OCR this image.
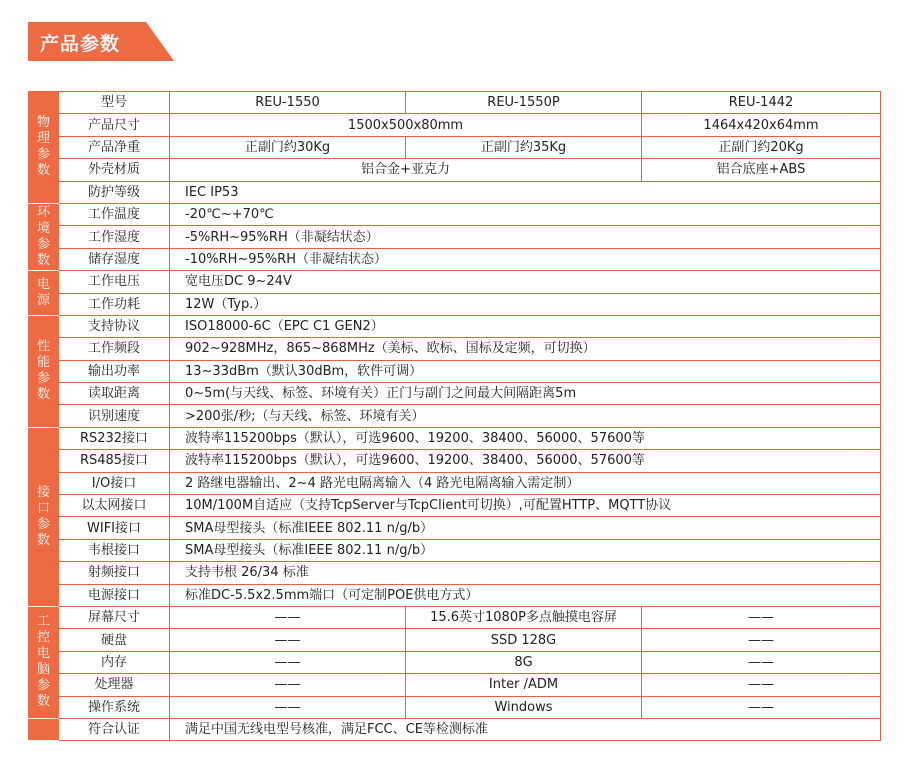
产品参数
物理参数	型号	REU-1550	REU-1550P	REU-1442
	产品尺寸	1500x500x80mm		1464x420x64mm
	产品净重	正副门约30Kg	正副门约35Kg	正副门约20Kg
	外壳材质	铝合金+亚克力		铝合底座+ABS
	防护等级	IEC IP53		
环境参数	工作温度	-20℃~+70℃		
	工作湿度	-5%RH~95%RH（非凝结状态）		
	储存湿度	-10%RH~95%RH（非凝结状态）		
电源	工作电压	宽电压DC 9~24V		
	工作功耗	12W（Typ.）		
性能参数	支持协议	ISO18000-6C（EPC C1 GEN2）		
	工作频段	902~928MHz，865~868MHz（美标、欧标、国标及定频，可切换）		
	输出功率	13~33dBm（默认30dBm，软件可调）		
	读取距离	0~5m(与天线、标签、环境有关）正门与副门之间最大间隔距离5m		
	识别速度	>200张/秒;（与天线、标签、环境有关）		
接口参数	RS232接口	波特率115200bps（默认），可选9600、19200、38400、56000、57600等		
	RS485接口	波特率115200bps（默认），可选9600、19200、38400、56000、57600等		
	I/O接口	2 路继电器输出、2~4 路光电隔离输入（4 路光电隔离输入需定制）		
	以太网接口	10M/100M自适应（支持TcpServer与TcpClient可切换）,可配置HTTP、MQTT协议		
	WIFI接口	SMA母型接头（标准IEEE 802.11 n/g/b）		
	韦根接口	SMA母型接头（标准IEEE 802.11 n/g/b）		
	射频接口	支持韦根 26/34 标准		
	电源接口	标准DC-5.5x2.5mm端口（可定制POE供电方式）		
工控电脑参数	屏幕尺寸	——	15.6英寸1080P多点触摸电容屏	——
	硬盘	——	SSD 128G	——
	内存	——	8G	——
	处理器	——	Inter /ADM	——
	操作系统	——	Windows	——
	符合认证	满足中国无线电型号核准，满足FCC、CE等检测标准		
